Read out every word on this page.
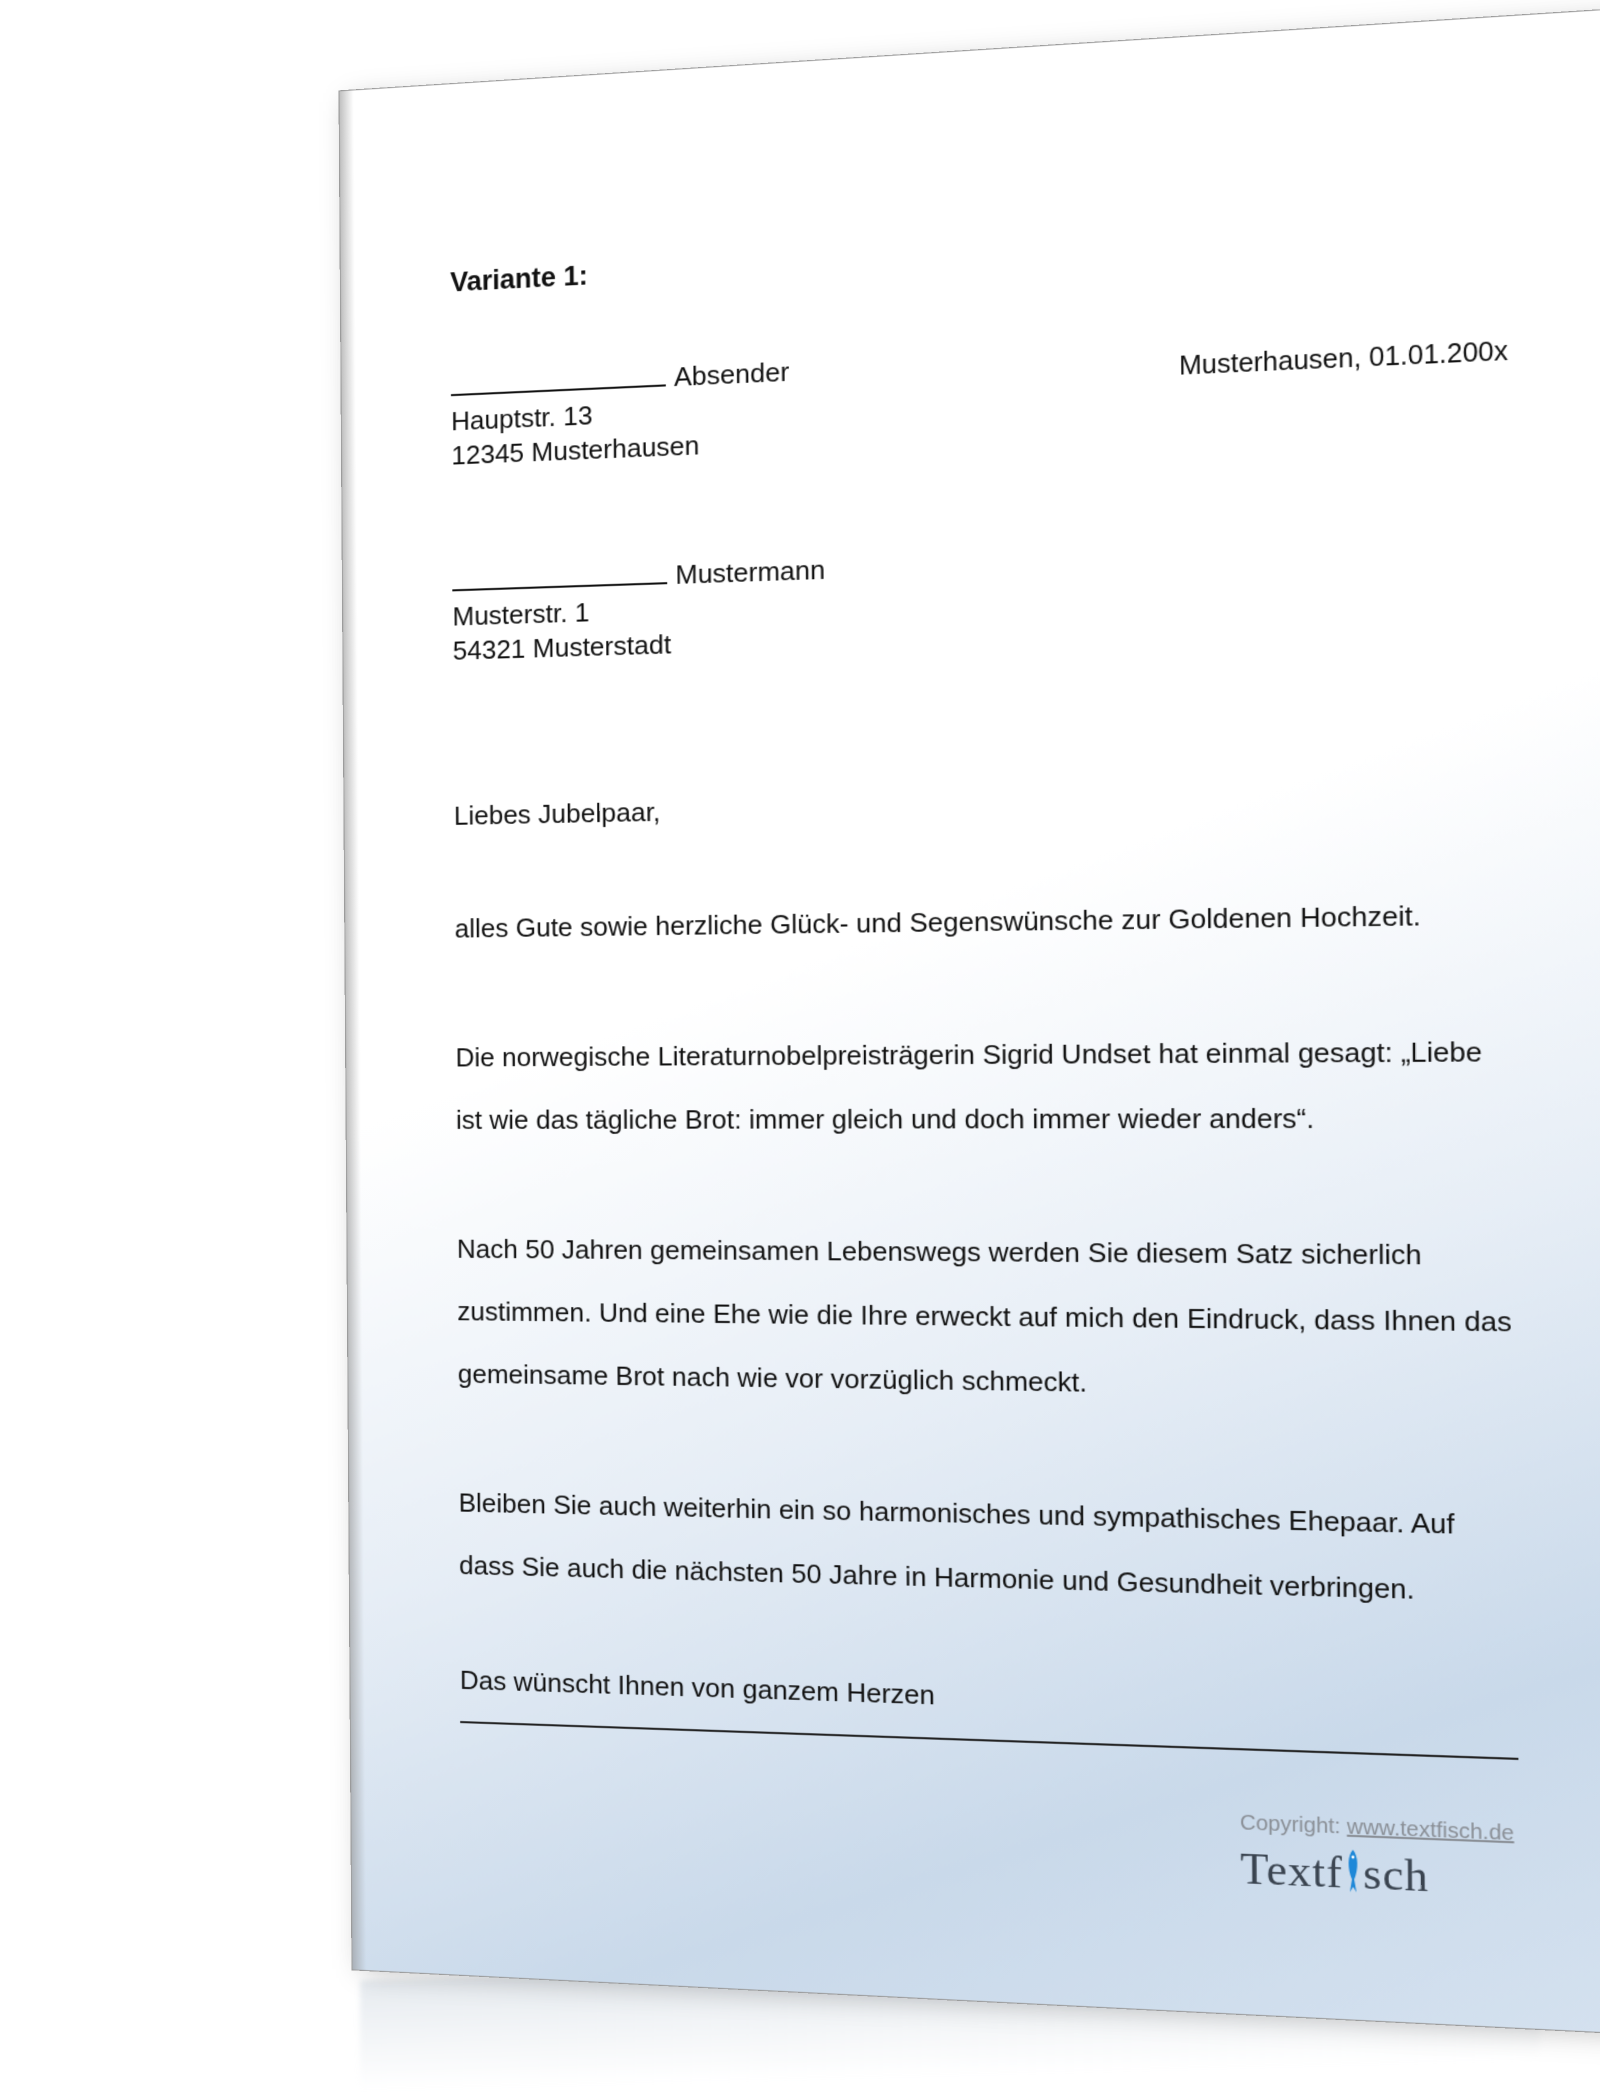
Variante 1:
Absender
Hauptstr. 13
12345 Musterhausen
Musterhausen, 01.01.200x
Mustermann
Musterstr. 1
54321 Musterstadt
Liebes Jubelpaar,

alles Gute sowie herzliche Glück- und Segenswünsche zur Goldenen Hochzeit.

Die norwegische Literaturnobelpreisträgerin Sigrid Undset hat einmal gesagt: „Liebe ist wie das tägliche Brot: immer gleich und doch immer wieder anders“.

Nach 50 Jahren gemeinsamen Lebenswegs werden Sie diesem Satz sicherlich zustimmen. Und eine Ehe wie die Ihre erweckt auf mich den Eindruck, dass Ihnen das gemeinsame Brot nach wie vor vorzüglich schmeckt.

Bleiben Sie auch weiterhin ein so harmonisches und sympathisches Ehepaar. Auf dass Sie auch die nächsten 50 Jahre in Harmonie und Gesundheit verbringen.

Das wünscht Ihnen von ganzem Herzen
Copyright: www.textfisch.de
Textf sch
